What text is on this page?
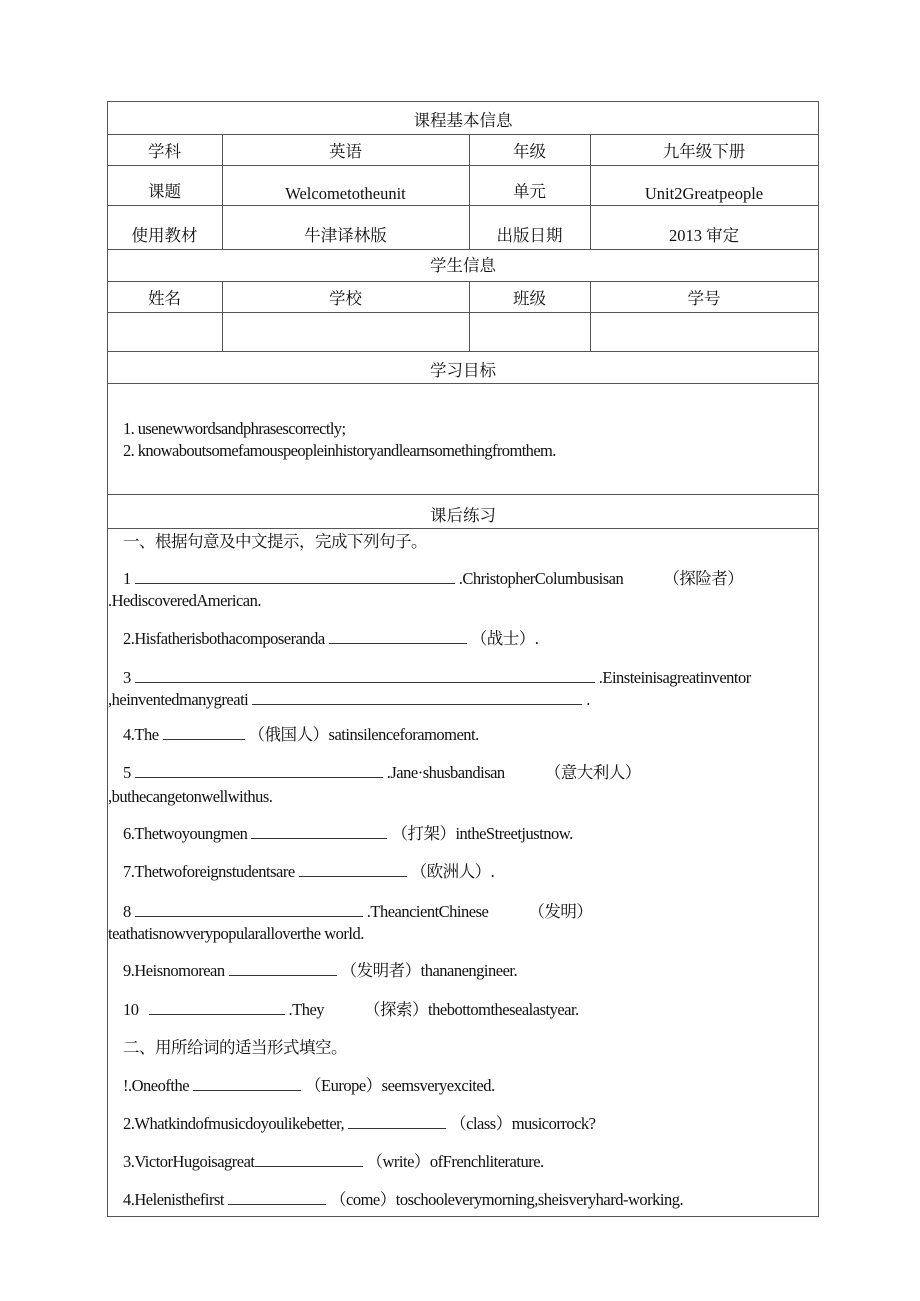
课程基本信息
学科	英语	年级	九年级下册
课题	Welcometotheunit	单元	Unit2Greatpeople
使用教材	牛津译林版	出版日期	2013 审定
学生信息
姓名	学校	班级	学号
学习目标
1. usenewwordsandphrasescorrectly;
2. knowaboutsomefamouspeopleinhistoryandlearnsomethingfromthem.
课后练习
一、根据句意及中文提示，完成下列句子。
1	.ChristopherColumbusisan （探险者）
.HediscoveredAmerican.
2.Hisfatherisbothacomposeranda	（战士）.
3	.Einsteinisagreatinventor
,heinventedmanygreati	.
4.The	（俄国人）satinsilenceforamoment.
5	.Jane·shusbandisan （意大利人）
,buthecangetonwellwithus.
6.Thetwoyoungmen	（打架）intheStreetjustnow.
7.Thetwoforeignstudentsare	（欧洲人）.
8	.TheancientChinese （发明）
teathatisnowverypopularalloverthe world.
9.Heisnomorean	（发明者）thananengineer.
10	.They （探索）thebottomthesealastyear.
二、用所给词的适当形式填空。
!.Oneofthe	（Europe）seemsveryexcited.
2.Whatkindofmusicdoyoulikebetter,	（class）musicorrock?
3.VictorHugoisagreat	（write）ofFrenchliterature.
4.Helenisthefirst	（come）toschooleverymorning,sheisveryhard-working.
